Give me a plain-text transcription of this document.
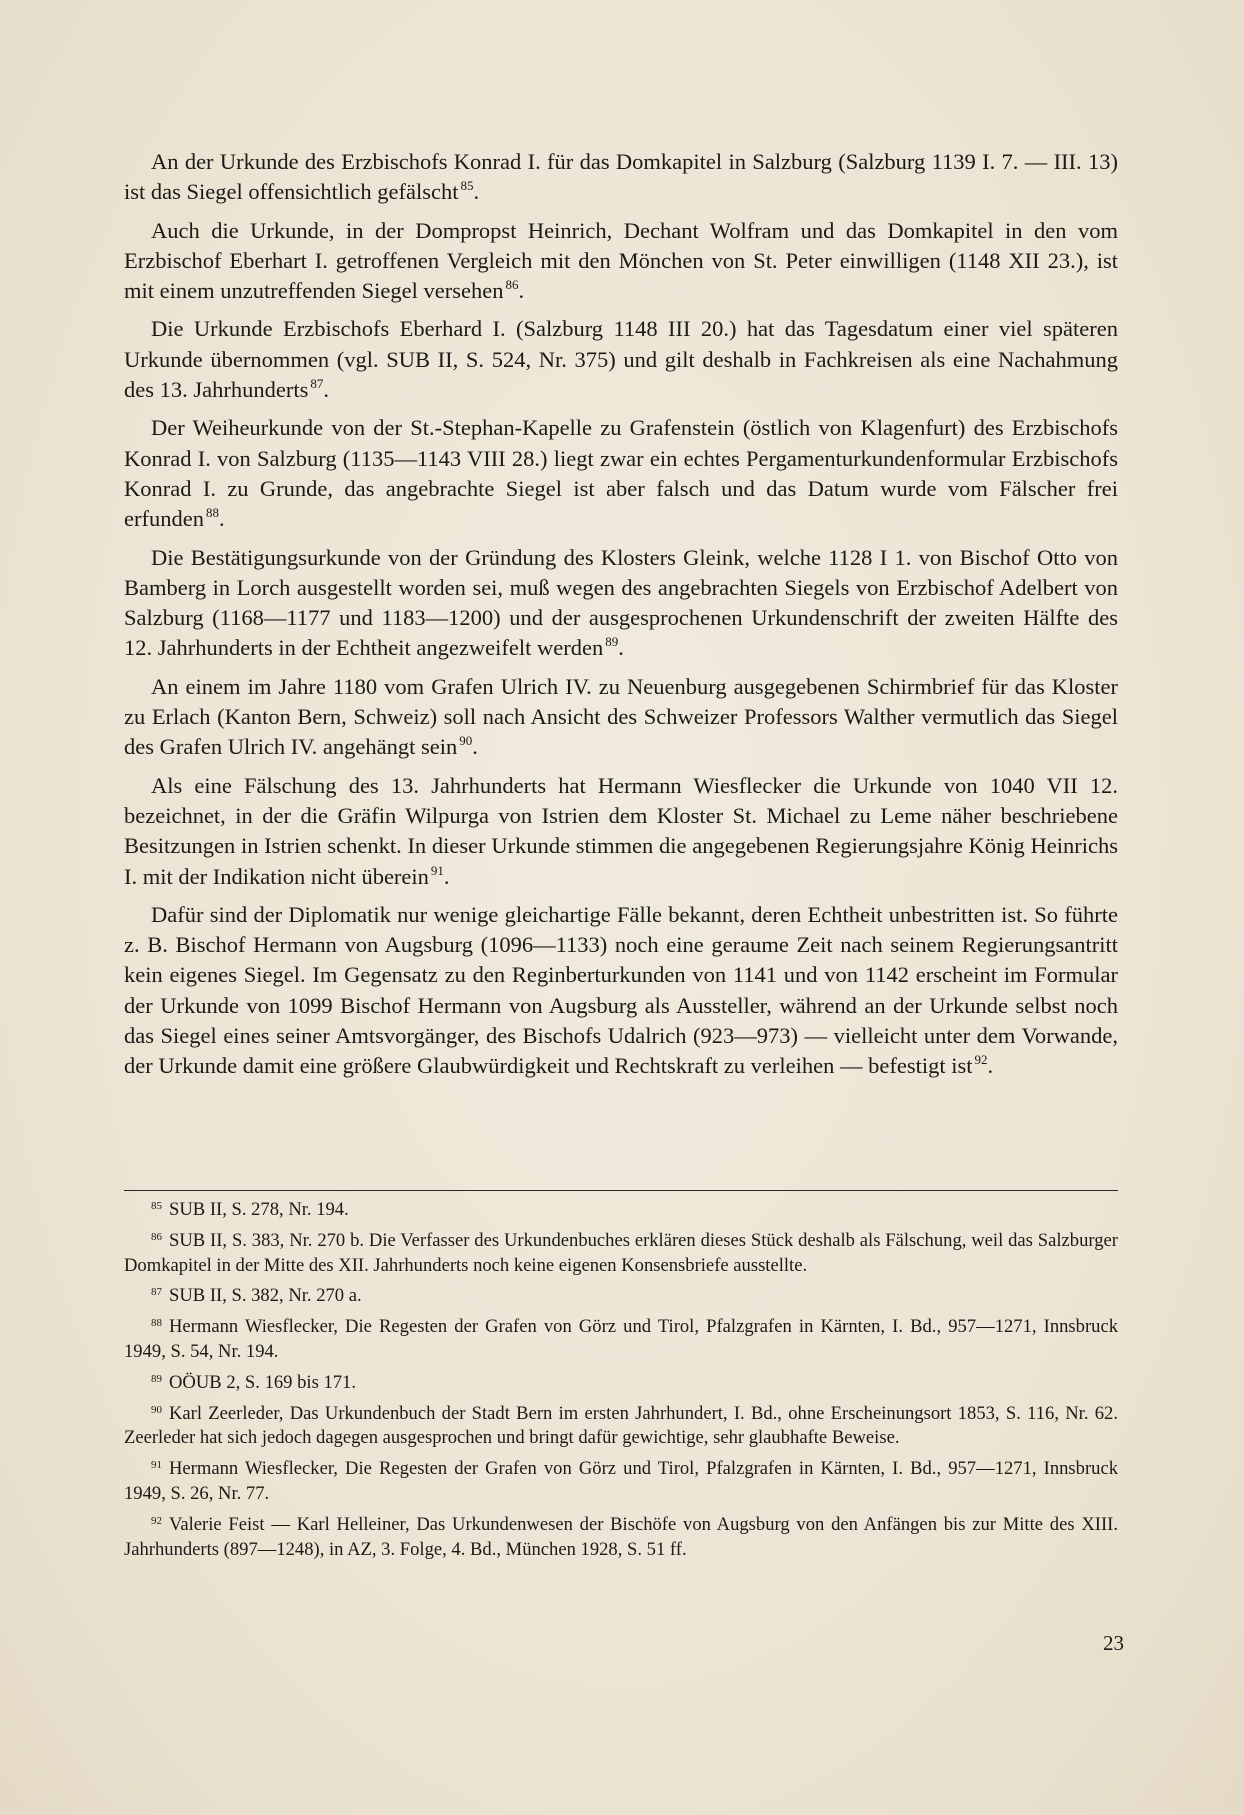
An der Urkunde des Erzbischofs Konrad I. für das Domkapitel in Salzburg (Salzburg 1139 I. 7. — III. 13) ist das Siegel offensichtlich gefälscht $^{85}$.

Auch die Urkunde, in der Dompropst Heinrich, Dechant Wolfram und das Domkapitel in den vom Erzbischof Eberhart I. getroffenen Vergleich mit den Mönchen von St. Peter einwilligen (1148 XII 23.), ist mit einem unzutreffenden Siegel versehen $^{86}$.

Die Urkunde Erzbischofs Eberhard I. (Salzburg 1148 III 20.) hat das Tagesdatum einer viel späteren Urkunde übernommen (vgl. SUB II, S. 524, Nr. 375) und gilt deshalb in Fachkreisen als eine Nachahmung des 13. Jahrhunderts $^{87}$.

Der Weiheurkunde von der St.-Stephan-Kapelle zu Grafenstein (östlich von Klagenfurt) des Erzbischofs Konrad I. von Salzburg (1135—1143 VIII 28.) liegt zwar ein echtes Pergamenturkundenformular Erzbischofs Konrad I. zu Grunde, das angebrachte Siegel ist aber falsch und das Datum wurde vom Fälscher frei erfunden $^{88}$.

Die Bestätigungsurkunde von der Gründung des Klosters Gleink, welche 1128 I 1. von Bischof Otto von Bamberg in Lorch ausgestellt worden sei, muß wegen des angebrachten Siegels von Erzbischof Adelbert von Salzburg (1168—1177 und 1183—1200) und der ausgesprochenen Urkundenschrift der zweiten Hälfte des 12. Jahrhunderts in der Echtheit angezweifelt werden $^{89}$.

An einem im Jahre 1180 vom Grafen Ulrich IV. zu Neuenburg ausgegebenen Schirmbrief für das Kloster zu Erlach (Kanton Bern, Schweiz) soll nach Ansicht des Schweizer Professors Walther vermutlich das Siegel des Grafen Ulrich IV. angehängt sein $^{90}$.

Als eine Fälschung des 13. Jahrhunderts hat Hermann Wiesflecker die Urkunde von 1040 VII 12. bezeichnet, in der die Gräfin Wilpurga von Istrien dem Kloster St. Michael zu Leme näher beschriebene Besitzungen in Istrien schenkt. In dieser Urkunde stimmen die angegebenen Regierungsjahre König Heinrichs I. mit der Indikation nicht überein $^{91}$.

Dafür sind der Diplomatik nur wenige gleichartige Fälle bekannt, deren Echtheit unbestritten ist. So führte z. B. Bischof Hermann von Augsburg (1096—1133) noch eine geraume Zeit nach seinem Regierungsantritt kein eigenes Siegel. Im Gegensatz zu den Reginberturkunden von 1141 und von 1142 erscheint im Formular der Urkunde von 1099 Bischof Hermann von Augsburg als Aussteller, während an der Urkunde selbst noch das Siegel eines seiner Amtsvorgänger, des Bischofs Udalrich (923—973) — vielleicht unter dem Vorwande, der Urkunde damit eine größere Glaubwürdigkeit und Rechtskraft zu verleihen — befestigt ist $^{92}$.

$^{85}$ SUB II, S. 278, Nr. 194.
$^{86}$ SUB II, S. 383, Nr. 270 b. Die Verfasser des Urkundenbuches erklären dieses Stück deshalb als Fälschung, weil das Salzburger Domkapitel in der Mitte des XII. Jahrhunderts noch keine eigenen Konsensbriefe ausstellte.
$^{87}$ SUB II, S. 382, Nr. 270 a.
$^{88}$ Hermann Wiesflecker, Die Regesten der Grafen von Görz und Tirol, Pfalzgrafen in Kärnten, I. Bd., 957—1271, Innsbruck 1949, S. 54, Nr. 194.
$^{89}$ OÖUB 2, S. 169 bis 171.
$^{90}$ Karl Zeerleder, Das Urkundenbuch der Stadt Bern im ersten Jahrhundert, I. Bd., ohne Erscheinungsort 1853, S. 116, Nr. 62. Zeerleder hat sich jedoch dagegen ausgesprochen und bringt dafür gewichtige, sehr glaubhafte Beweise.
$^{91}$ Hermann Wiesflecker, Die Regesten der Grafen von Görz und Tirol, Pfalzgrafen in Kärnten, I. Bd., 957—1271, Innsbruck 1949, S. 26, Nr. 77.
$^{92}$ Valerie Feist — Karl Helleiner, Das Urkundenwesen der Bischöfe von Augsburg von den Anfängen bis zur Mitte des XIII. Jahrhunderts (897—1248), in AZ, 3. Folge, 4. Bd., München 1928, S. 51 ff.
23
